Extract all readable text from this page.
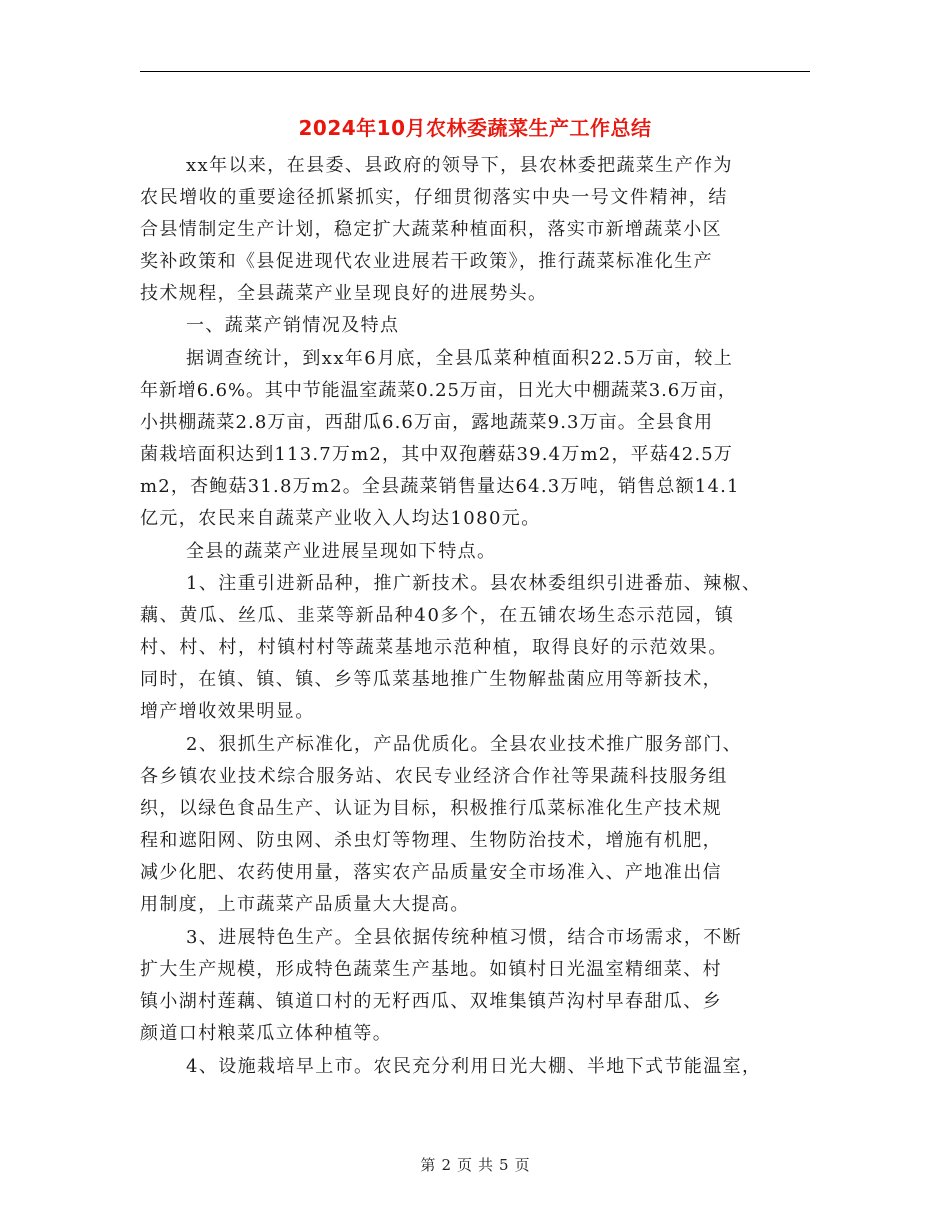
2024年10月农林委蔬菜生产工作总结
xx年以来，在县委、县政府的领导下，县农林委把蔬菜生产作为
农民增收的重要途径抓紧抓实，仔细贯彻落实中央一号文件精神，结
合县情制定生产计划，稳定扩大蔬菜种植面积，落实市新增蔬菜小区
奖补政策和《县促进现代农业进展若干政策》，推行蔬菜标准化生产
技术规程，全县蔬菜产业呈现良好的进展势头。
一、蔬菜产销情况及特点
据调查统计，到xx年6月底，全县瓜菜种植面积22.5万亩，较上
年新增6.6%。其中节能温室蔬菜0.25万亩，日光大中棚蔬菜3.6万亩，
小拱棚蔬菜2.8万亩，西甜瓜6.6万亩，露地蔬菜9.3万亩。全县食用
菌栽培面积达到113.7万m2，其中双孢蘑菇39.4万m2，平菇42.5万
m2，杏鲍菇31.8万m2。全县蔬菜销售量达64.3万吨，销售总额14.1
亿元，农民来自蔬菜产业收入人均达1080元。
全县的蔬菜产业进展呈现如下特点。
1、注重引进新品种，推广新技术。县农林委组织引进番茄、辣椒、
藕、黄瓜、丝瓜、韭菜等新品种40多个，在五铺农场生态示范园，镇
村、村、村，村镇村村等蔬菜基地示范种植，取得良好的示范效果。
同时，在镇、镇、镇、乡等瓜菜基地推广生物解盐菌应用等新技术，
增产增收效果明显。
2、狠抓生产标准化，产品优质化。全县农业技术推广服务部门、
各乡镇农业技术综合服务站、农民专业经济合作社等果蔬科技服务组
织，以绿色食品生产、认证为目标，积极推行瓜菜标准化生产技术规
程和遮阳网、防虫网、杀虫灯等物理、生物防治技术，增施有机肥，
减少化肥、农药使用量，落实农产品质量安全市场准入、产地准出信
用制度，上市蔬菜产品质量大大提高。
3、进展特色生产。全县依据传统种植习惯，结合市场需求，不断
扩大生产规模，形成特色蔬菜生产基地。如镇村日光温室精细菜、村
镇小湖村莲藕、镇道口村的无籽西瓜、双堆集镇芦沟村早春甜瓜、乡
颜道口村粮菜瓜立体种植等。
4、设施栽培早上市。农民充分利用日光大棚、半地下式节能温室，
第 2 页 共 5 页
